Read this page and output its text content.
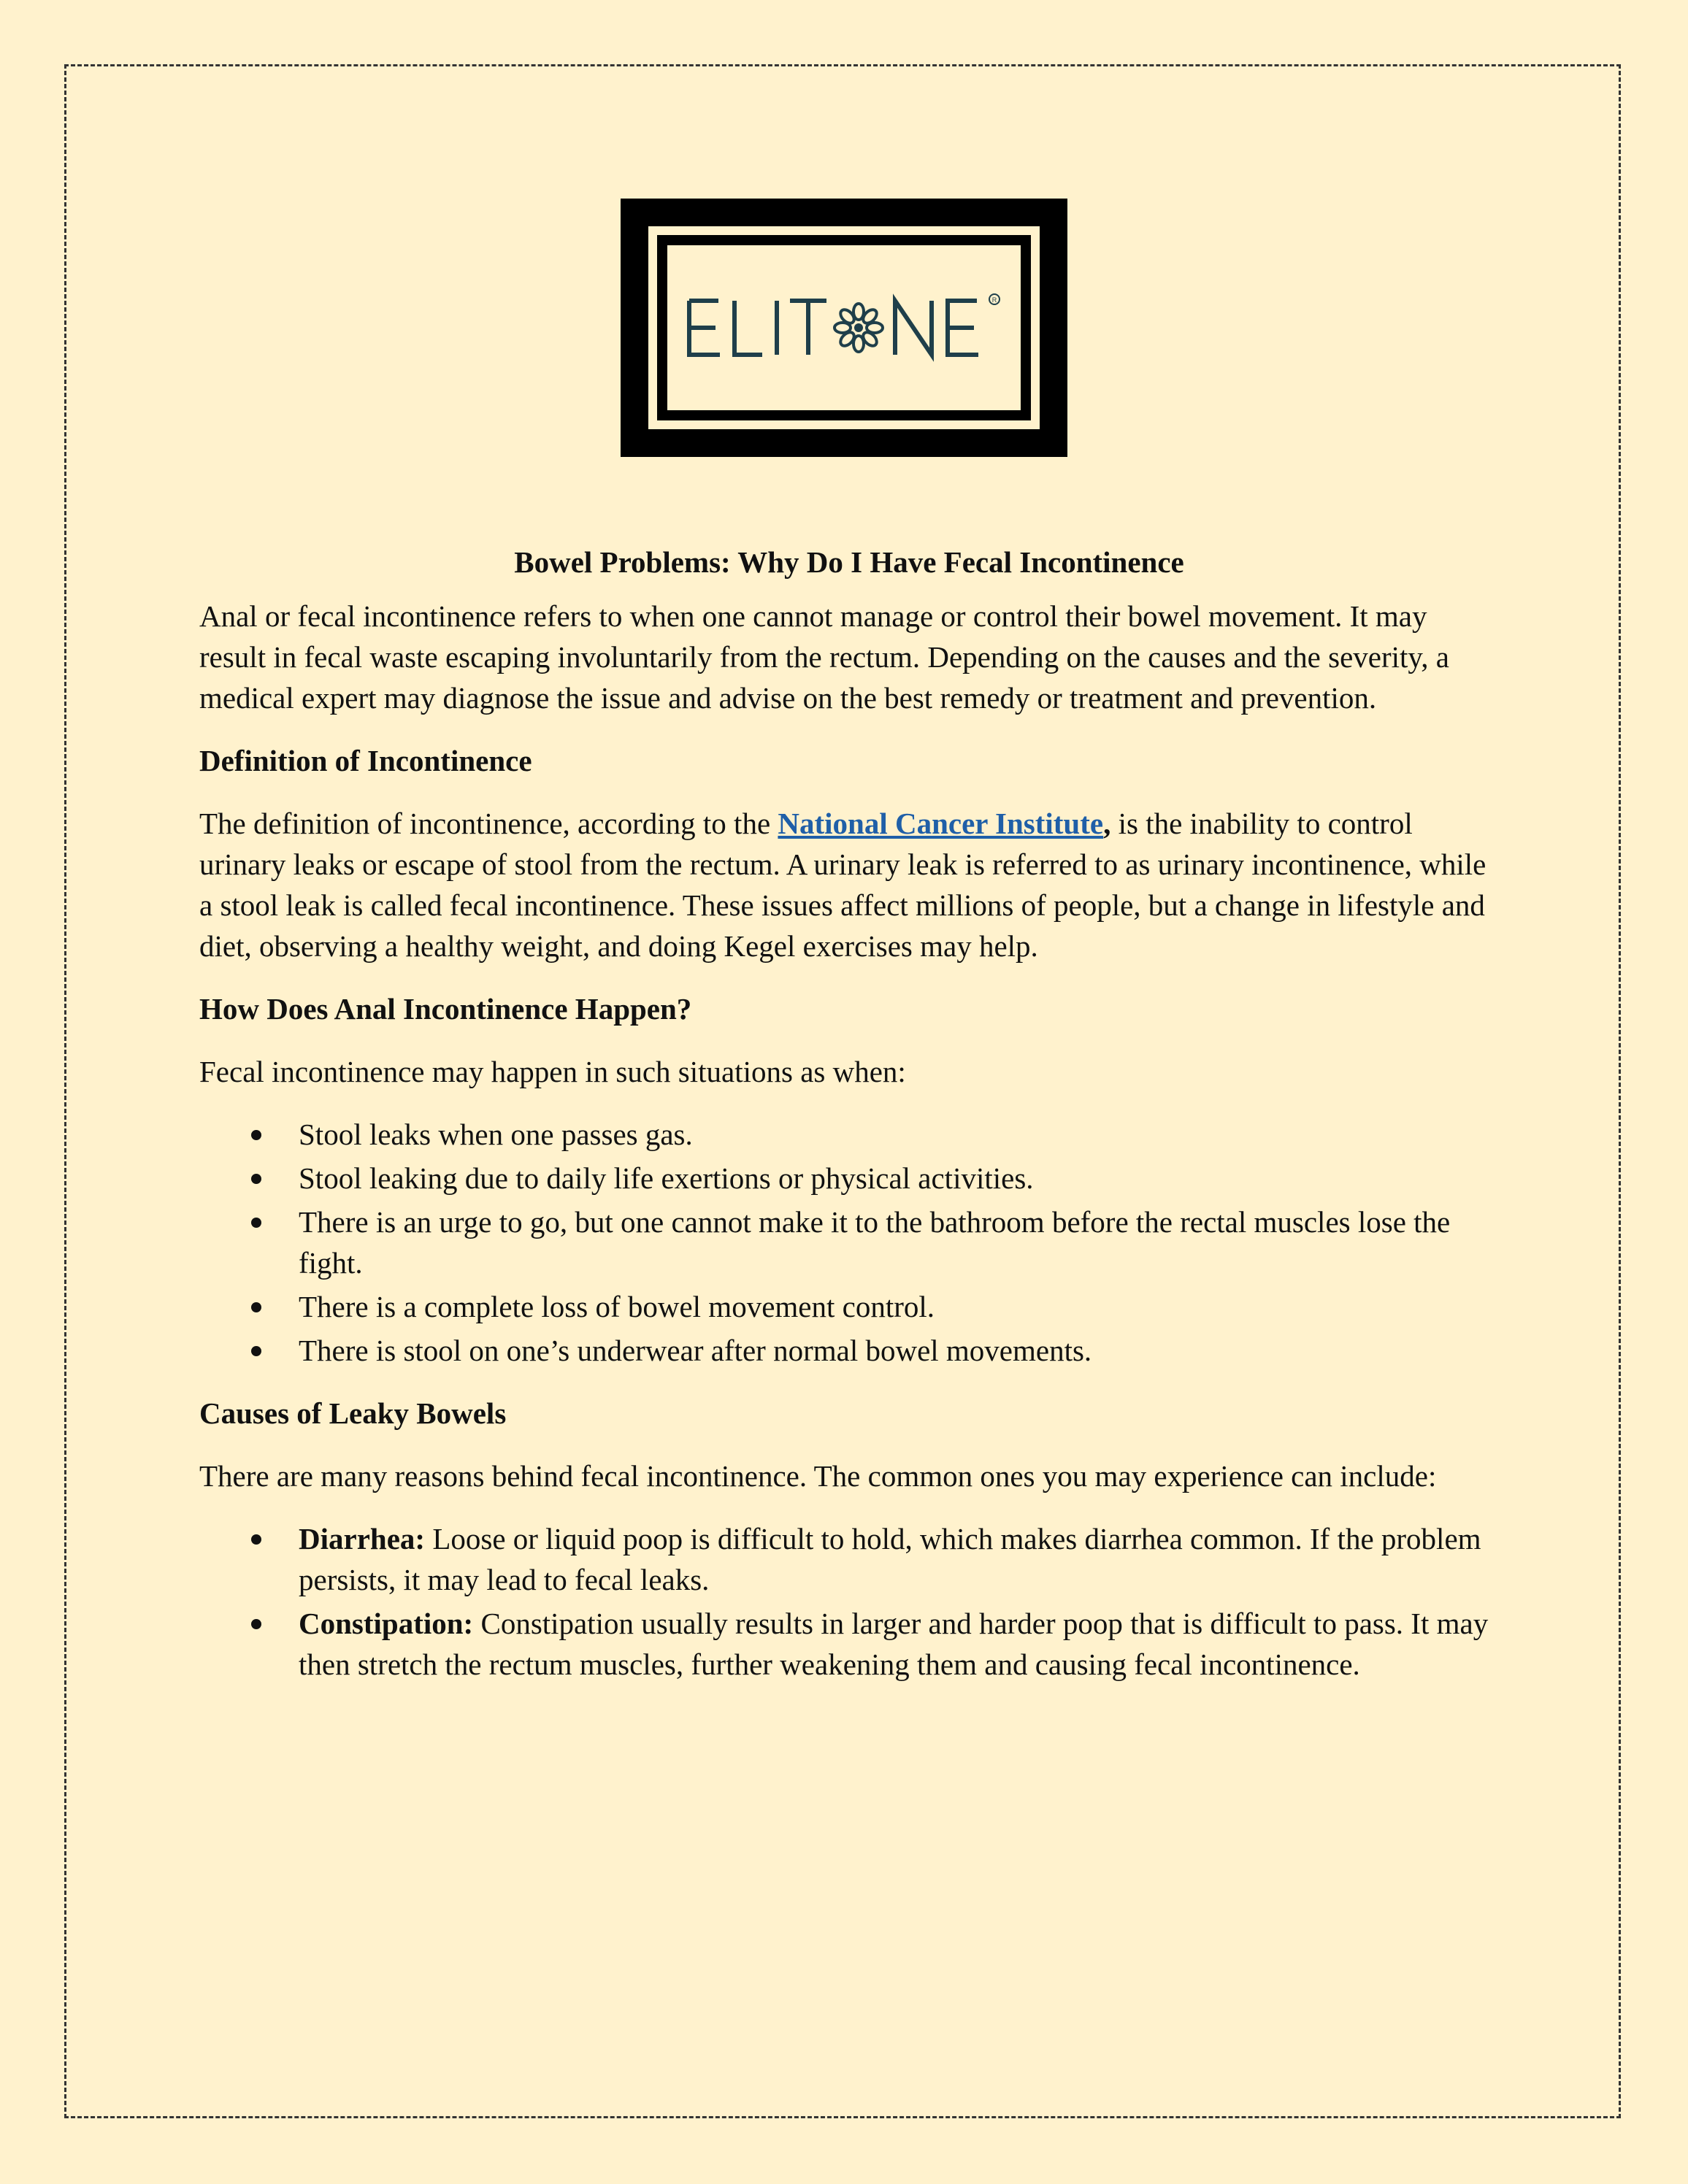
R
Bowel Problems: Why Do I Have Fecal Incontinence

Anal or fecal incontinence refers to when one cannot manage or control their bowel movement. It may result in fecal waste escaping involuntarily from the rectum. Depending on the causes and the severity, a medical expert may diagnose the issue and advise on the best remedy or treatment and prevention.

Definition of Incontinence

The definition of incontinence, according to the National Cancer Institute, is the inability to control urinary leaks or escape of stool from the rectum. A urinary leak is referred to as urinary incontinence, while a stool leak is called fecal incontinence. These issues affect millions of people, but a change in lifestyle and diet, observing a healthy weight, and doing Kegel exercises may help.

How Does Anal Incontinence Happen?

Fecal incontinence may happen in such situations as when:

Stool leaks when one passes gas.
Stool leaking due to daily life exertions or physical activities.
There is an urge to go, but one cannot make it to the bathroom before the rectal muscles lose the fight.
There is a complete loss of bowel movement control.
There is stool on one’s underwear after normal bowel movements.
Causes of Leaky Bowels

There are many reasons behind fecal incontinence. The common ones you may experience can include:

Diarrhea: Loose or liquid poop is difficult to hold, which makes diarrhea common. If the problem persists, it may lead to fecal leaks.
Constipation: Constipation usually results in larger and harder poop that is difficult to pass. It may then stretch the rectum muscles, further weakening them and causing fecal incontinence.
